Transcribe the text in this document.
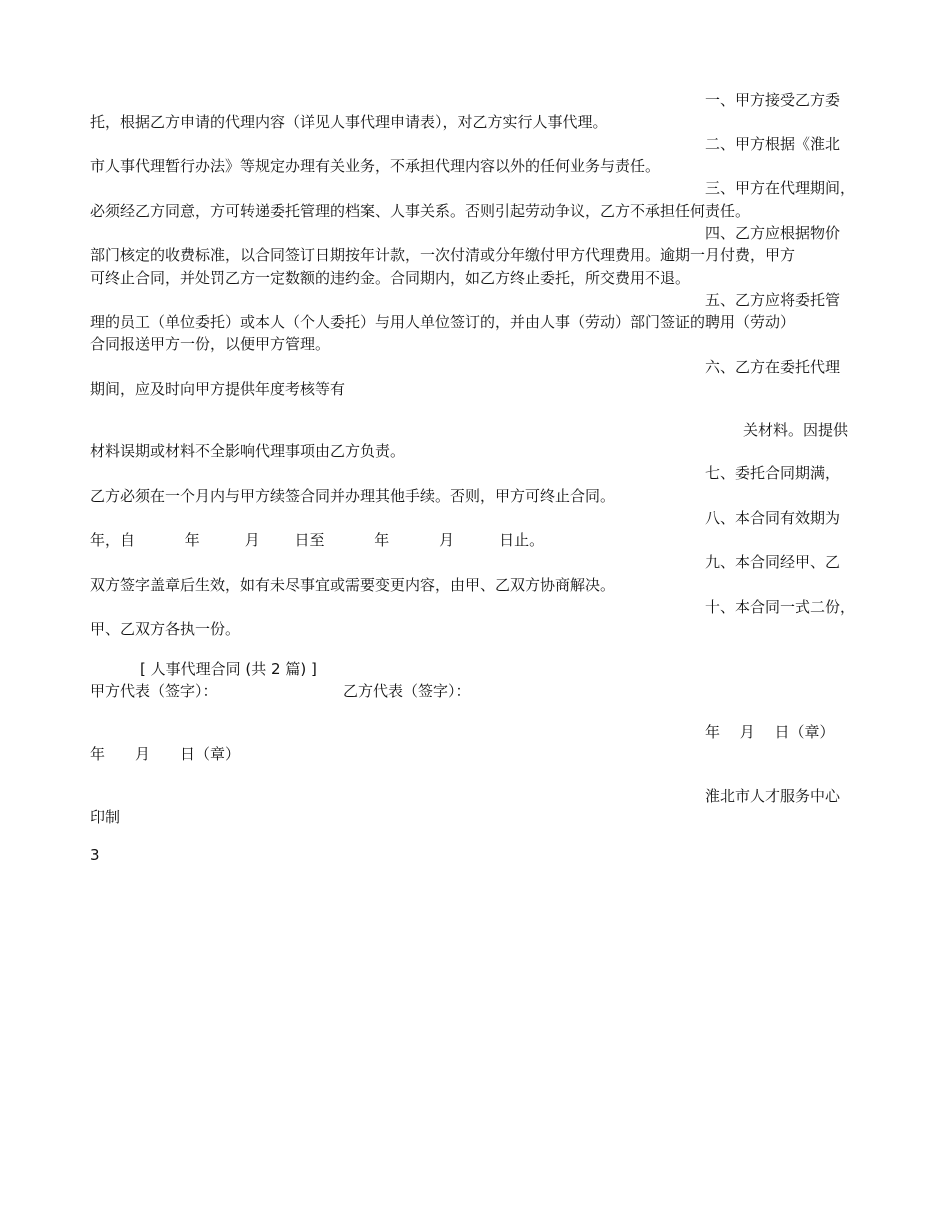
一、甲方接受乙方委
托，根据乙方申请的代理内容（详见人事代理申请表），对乙方实行人事代理。
二、甲方根据《淮北
市人事代理暂行办法》等规定办理有关业务，不承担代理内容以外的任何业务与责任。
三、甲方在代理期间，
必须经乙方同意，方可转递委托管理的档案、人事关系。否则引起劳动争议，乙方不承担任何责任。
四、乙方应根据物价
部门核定的收费标准，以合同签订日期按年计款，一次付清或分年缴付甲方代理费用。逾期一月付费，甲方
可终止合同，并处罚乙方一定数额的违约金。合同期内，如乙方终止委托，所交费用不退。
五、乙方应将委托管
理的员工（单位委托）或本人（个人委托）与用人单位签订的，并由人事（劳动）部门签证的聘用（劳动）
合同报送甲方一份，以便甲方管理。
六、乙方在委托代理
期间，应及时向甲方提供年度考核等有
关材料。因提供
材料误期或材料不全影响代理事项由乙方负责。
七、委托合同期满，
乙方必须在一个月内与甲方续签合同并办理其他手续。否则，甲方可终止合同。
八、本合同有效期为
年，自　　　 年　　　月　　 日至　　　 年　　　 月　　　日止。
九、本合同经甲、乙
双方签字盖章后生效，如有未尽事宜或需要变更内容，由甲、乙双方协商解决。
十、本合同一式二份，
甲、乙双方各执一份。
[ 人事代理合同 (共 2 篇) ]
甲方代表（签字）：	乙方代表（签字）：
年　 月　 日（章）
年　　月　　日（章）
淮北市人才服务中心
印制
3
